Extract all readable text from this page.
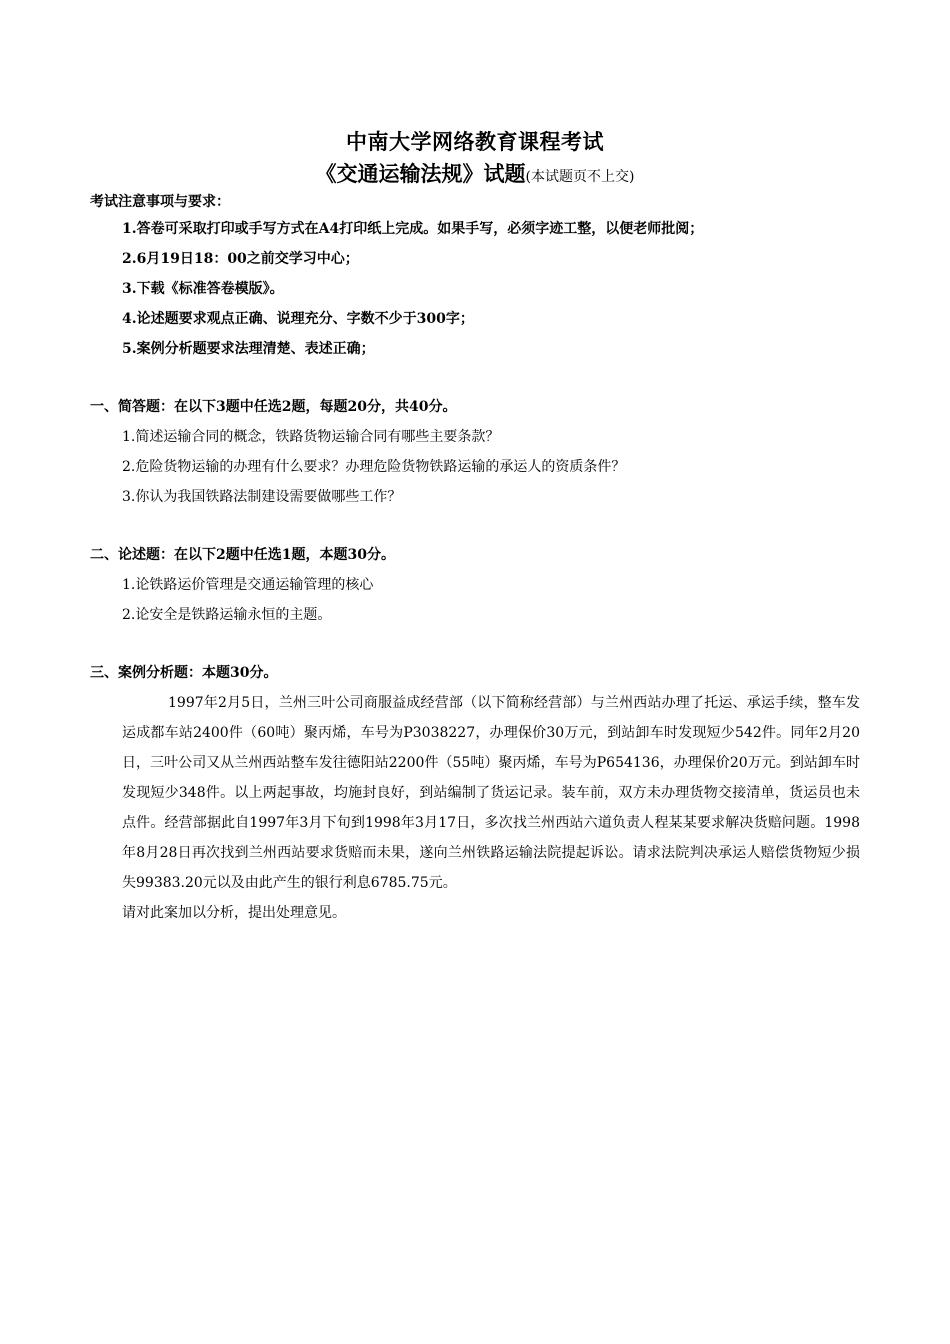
中南大学网络教育课程考试
《交通运输法规》试题(本试题页不上交)
考试注意事项与要求：
1.答卷可采取打印或手写方式在A4打印纸上完成。如果手写，必须字迹工整，以便老师批阅；
2.6月19日18：00之前交学习中心；
3.下载《标准答卷模版》。
4.论述题要求观点正确、说理充分、字数不少于300字；
5.案例分析题要求法理清楚、表述正确；
一、简答题：在以下3题中任选2题，每题20分，共40分。
1.简述运输合同的概念，铁路货物运输合同有哪些主要条款？
2.危险货物运输的办理有什么要求？办理危险货物铁路运输的承运人的资质条件？
3.你认为我国铁路法制建设需要做哪些工作？
二、论述题：在以下2题中任选1题，本题30分。
1.论铁路运价管理是交通运输管理的核心
2.论安全是铁路运输永恒的主题。
三、案例分析题：本题30分。
1997年2月5日，兰州三叶公司商服益成经营部（以下简称经营部）与兰州西站办理了托运、承运手续，整车发运成都车站2400件（60吨）聚丙烯，车号为P3038227，办理保价30万元，到站卸车时发现短少542件。同年2月20日，三叶公司又从兰州西站整车发往德阳站2200件（55吨）聚丙烯，车号为P654136，办理保价20万元。到站卸车时发现短少348件。以上两起事故，均施封良好，到站编制了货运记录。装车前，双方未办理货物交接清单，货运员也未点件。经营部据此自1997年3月下旬到1998年3月17日，多次找兰州西站六道负责人程某某要求解决货赔问题。1998年8月28日再次找到兰州西站要求货赔而未果，遂向兰州铁路运输法院提起诉讼。请求法院判决承运人赔偿货物短少损失99383.20元以及由此产生的银行利息6785.75元。
请对此案加以分析，提出处理意见。
